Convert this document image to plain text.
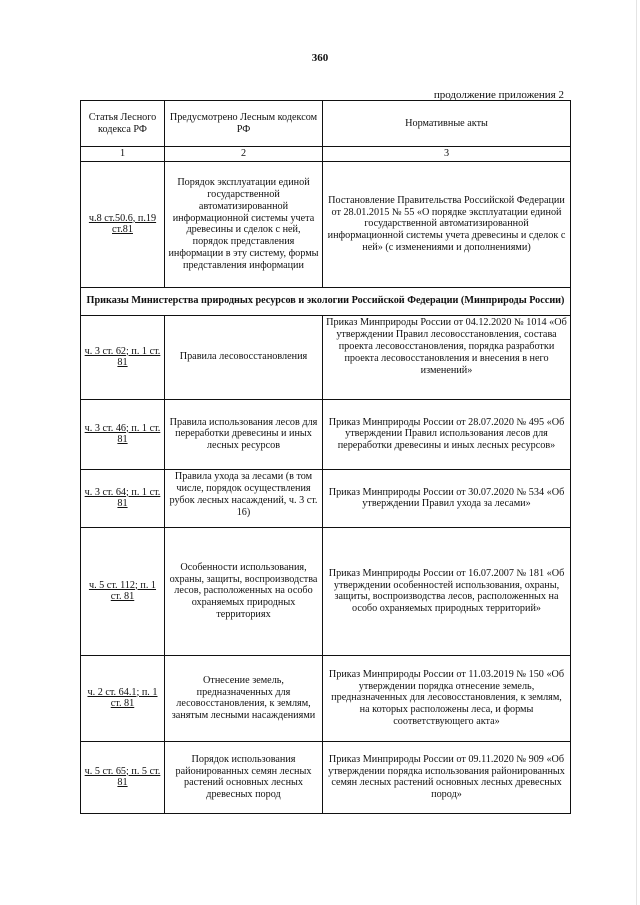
360
продолжение приложения 2
Статья Лесного кодекса РФ	Предусмотрено Лесным кодексом РФ	Нормативные акты
1	2	3
ч.8 ст.50.6, п.19 ст.81	Порядок эксплуатации единой государственной автоматизированной информационной системы учета древесины и сделок с ней, порядок представления информации в эту систему, формы представления информации	Постановление Правительства Российской Федерации от 28.01.2015 № 55 «О порядке эксплуатации единой государственной автоматизированной информационной системы учета древесины и сделок с ней» (с изменениями и дополнениями)
Приказы Министерства природных ресурсов и экологии Российской Федерации (Минприроды России)		
ч. 3 ст. 62; п. 1 ст. 81	Правила лесовосстановления	Приказ Минприроды России от 04.12.2020 № 1014 «Об утверждении Правил лесовосстановления, состава проекта лесовосстановления, порядка разработки проекта лесовосстановления и внесения в него изменений»
ч. 3 ст. 46; п. 1 ст. 81	Правила использования лесов для переработки древесины и иных лесных ресурсов	Приказ Минприроды России от 28.07.2020 № 495 «Об утверждении Правил использования лесов для переработки древесины и иных лесных ресурсов»
ч. 3 ст. 64; п. 1 ст. 81	Правила ухода за лесами (в том числе, порядок осуществления рубок лесных насаждений, ч. 3 ст. 16)	Приказ Минприроды России от 30.07.2020 № 534 «Об утверждении Правил ухода за лесами»
ч. 5 ст. 112; п. 1 ст. 81	Особенности использования, охраны, защиты, воспроизводства лесов, расположенных на особо охраняемых природных территориях	Приказ Минприроды России от 16.07.2007 № 181 «Об утверждении особенностей использования, охраны, защиты, воспроизводства лесов, расположенных на особо охраняемых природных территорий»
ч. 2 ст. 64.1; п. 1 ст. 81	Отнесение земель, предназначенных для лесовосстановления, к землям, занятым лесными насаждениями	Приказ Минприроды России от 11.03.2019 № 150 «Об утверждении порядка отнесение земель, предназначенных для лесовосстановления, к землям, на которых расположены леса, и формы соответствующего акта»
ч. 5 ст. 65; п. 5 ст. 81	Порядок использования районированных семян лесных растений основных лесных древесных пород	Приказ Минприроды России от 09.11.2020 № 909 «Об утверждении порядка использования районированных семян лесных растений основных лесных древесных пород»
